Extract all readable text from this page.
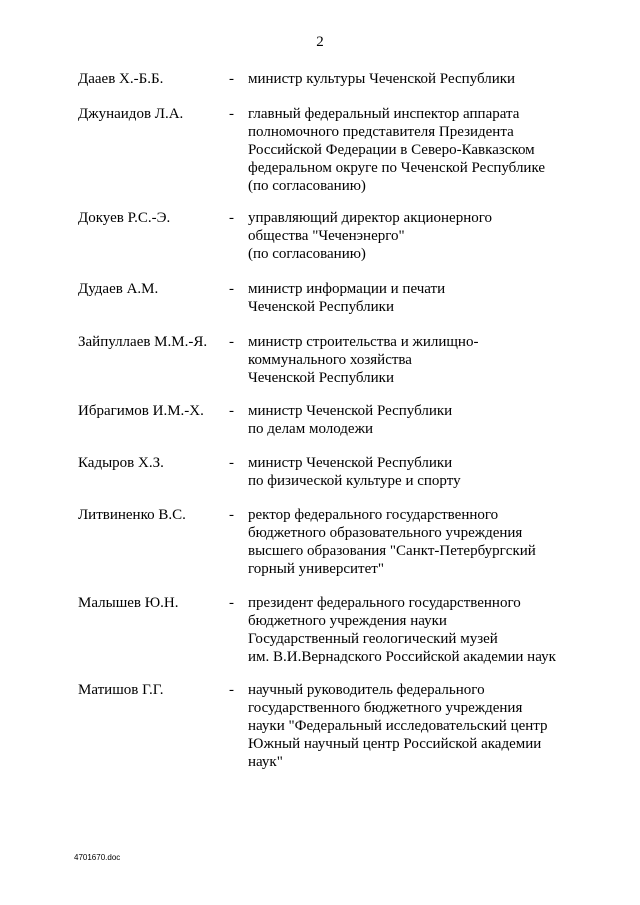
2
Дааев Х.-Б.Б.	- министр культуры Чеченской Республики
Джунаидов Л.А.	- главный федеральный инспектор аппарата
полномочного представителя Президента
Российской Федерации в Северо-Кавказском
федеральном округе по Чеченской Республике
(по согласованию)
Докуев Р.С.-Э.	- управляющий директор акционерного
общества "Чеченэнерго"
(по согласованию)
Дудаев А.М.	- министр информации и печати
Чеченской Республики
Зайпуллаев М.М.-Я. - министр строительства и жилищно-
коммунального хозяйства
Чеченской Республики
Ибрагимов И.М.-Х. - министр Чеченской Республики
по делам молодежи
Кадыров Х.З.	- министр Чеченской Республики
по физической культуре и спорту
Литвиненко В.С.	- ректор федерального государственного
бюджетного образовательного учреждения
высшего образования "Санкт-Петербургский
горный университет"
Малышев Ю.Н.	- президент федерального государственного
бюджетного учреждения науки
Государственный геологический музей
им. В.И.Вернадского Российской академии наук
Матишов Г.Г.	- научный руководитель федерального
государственного бюджетного учреждения
науки "Федеральный исследовательский центр
Южный научный центр Российской академии
наук"
4701670.doc
